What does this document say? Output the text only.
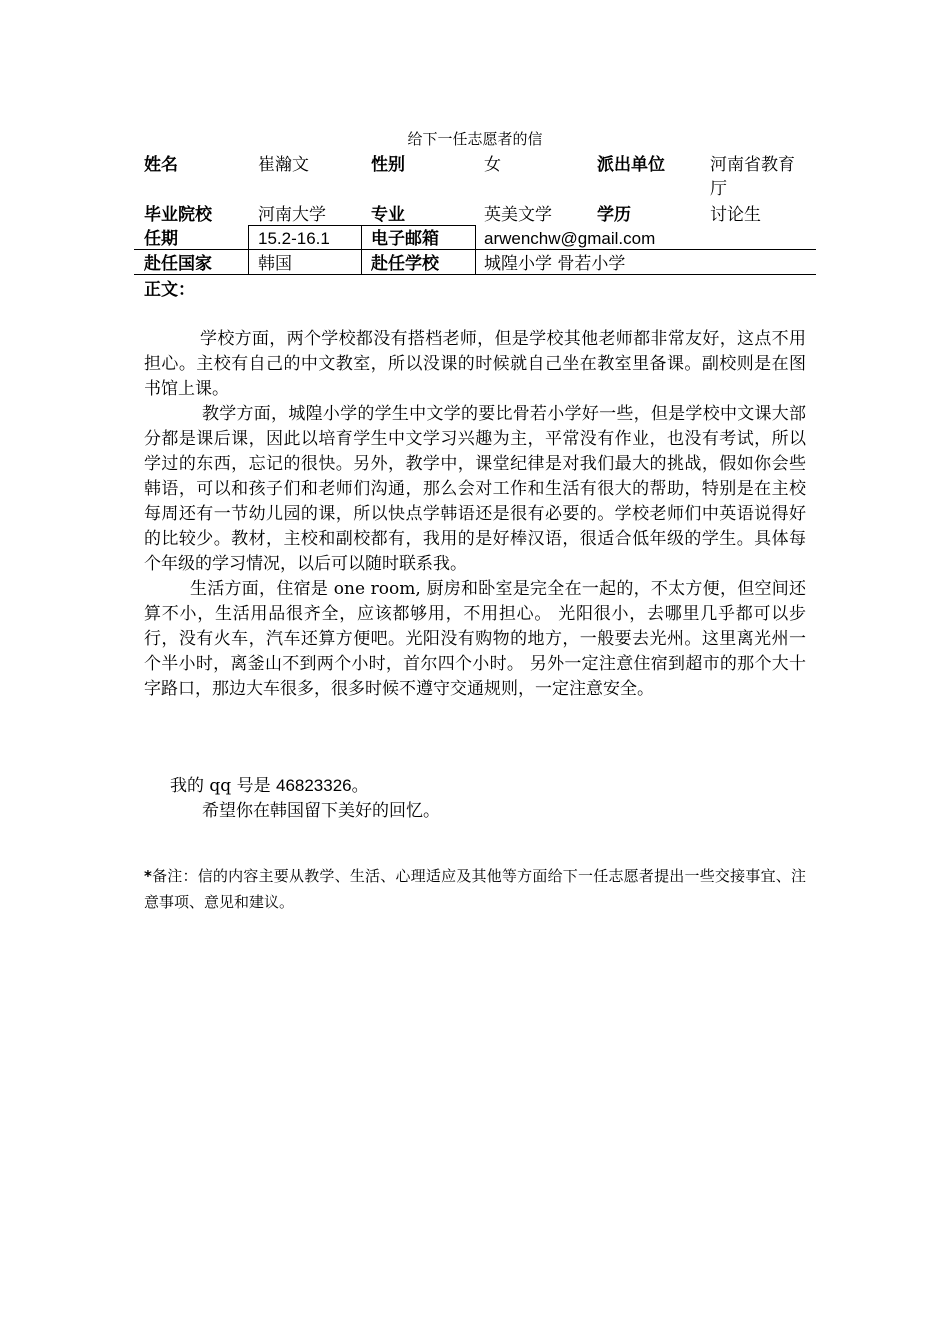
给下一任志愿者的信
姓名	崔瀚文	性别	女	派出单位	河南省教育
厅
毕业院校	河南大学	专业	英美文学	学历	讨论生
任期	15.2-16.1 电子邮箱	arwenchw@gmail.com
赴任国家	韩国	赴任学校	城隍小学 骨若小学
正文：

学校方面，两个学校都没有搭档老师，但是学校其他老师都非常友好，这点不用担心。主校有自己的中文教室，所以没课的时候就自己坐在教室里备课。副校则是在图书馆上课。

教学方面，城隍小学的学生中文学的要比骨若小学好一些，但是学校中文课大部分都是课后课，因此以培育学生中文学习兴趣为主，平常没有作业，也没有考试，所以学过的东西，忘记的很快。另外，教学中，课堂纪律是对我们最大的挑战，假如你会些韩语，可以和孩子们和老师们沟通，那么会对工作和生活有很大的帮助，特别是在主校每周还有一节幼儿园的课，所以快点学韩语还是很有必要的。学校老师们中英语说得好的比较少。教材，主校和副校都有，我用的是好棒汉语，很适合低年级的学生。具体每个年级的学习情况，以后可以随时联系我。

生活方面，住宿是 one room, 厨房和卧室是完全在一起的，不太方便，但空间还算不小，生活用品很齐全，应该都够用，不用担心。 光阳很小，去哪里几乎都可以步行，没有火车，汽车还算方便吧。光阳没有购物的地方，一般要去光州。这里离光州一个半小时，离釜山不到两个小时，首尔四个小时。 另外一定注意住宿到超市的那个大十字路口，那边大车很多，很多时候不遵守交通规则，一定注意安全。

我的 qq 号是 46823326。
希望你在韩国留下美好的回忆。
*备注：信的内容主要从教学、生活、心理适应及其他等方面给下一任志愿者提出一些交接事宜、注意事项、意见和建议。
